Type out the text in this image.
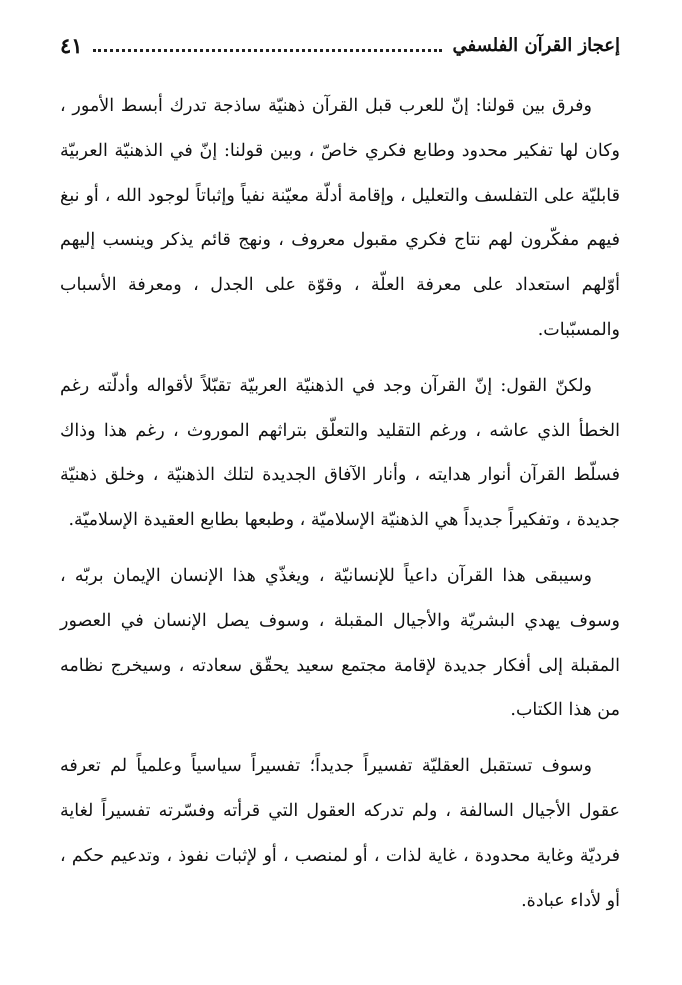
إعجاز القرآن الفلسفي
٤١

وفرق بين قولنا: إنّ للعرب قبل القرآن ذهنيّة ساذجة تدرك أبسط الأمور ، وكان لها تفكير محدود وطابع فكري خاصّ ، وبين قولنا: إنّ في الذهنيّة العربيّة قابليّة على التفلسف والتعليل ، وإقامة أدلّة معيّنة نفياً وإثباتاً لوجود الله ، أو نبغ فيهم مفكّرون لهم نتاج فكري مقبول معروف ، ونهج قائم يذكر وينسب إليهم أوّلهم استعداد على معرفة العلّة ، وقوّة على الجدل ، ومعرفة الأسباب والمسبّبات.

ولكنّ القول: إنّ القرآن وجد في الذهنيّة العربيّة تقبّلاً لأقواله وأدلّته رغم الخطأ الذي عاشه ، ورغم التقليد والتعلّق بتراثهم الموروث ، رغم هذا وذاك فسلّط القرآن أنوار هدايته ، وأنار الآفاق الجديدة لتلك الذهنيّة ، وخلق ذهنيّة جديدة ، وتفكيراً جديداً هي الذهنيّة الإسلاميّة ، وطبعها بطابع العقيدة الإسلاميّة.

وسيبقى هذا القرآن داعياً للإنسانيّة ، ويغذّي هذا الإنسان الإيمان بربّه ، وسوف يهدي البشريّة والأجيال المقبلة ، وسوف يصل الإنسان في العصور المقبلة إلى أفكار جديدة لإقامة مجتمع سعيد يحقّق سعادته ، وسيخرج نظامه من هذا الكتاب.

وسوف تستقبل العقليّة تفسيراً جديداً؛ تفسيراً سياسياً وعلمياً لم تعرفه عقول الأجيال السالفة ، ولم تدركه العقول التي قرأته وفسّرته تفسيراً لغاية فرديّة وغاية محدودة ، غاية لذات ، أو لمنصب ، أو لإثبات نفوذ ، وتدعيم حكم ، أو لأداء عبادة.
